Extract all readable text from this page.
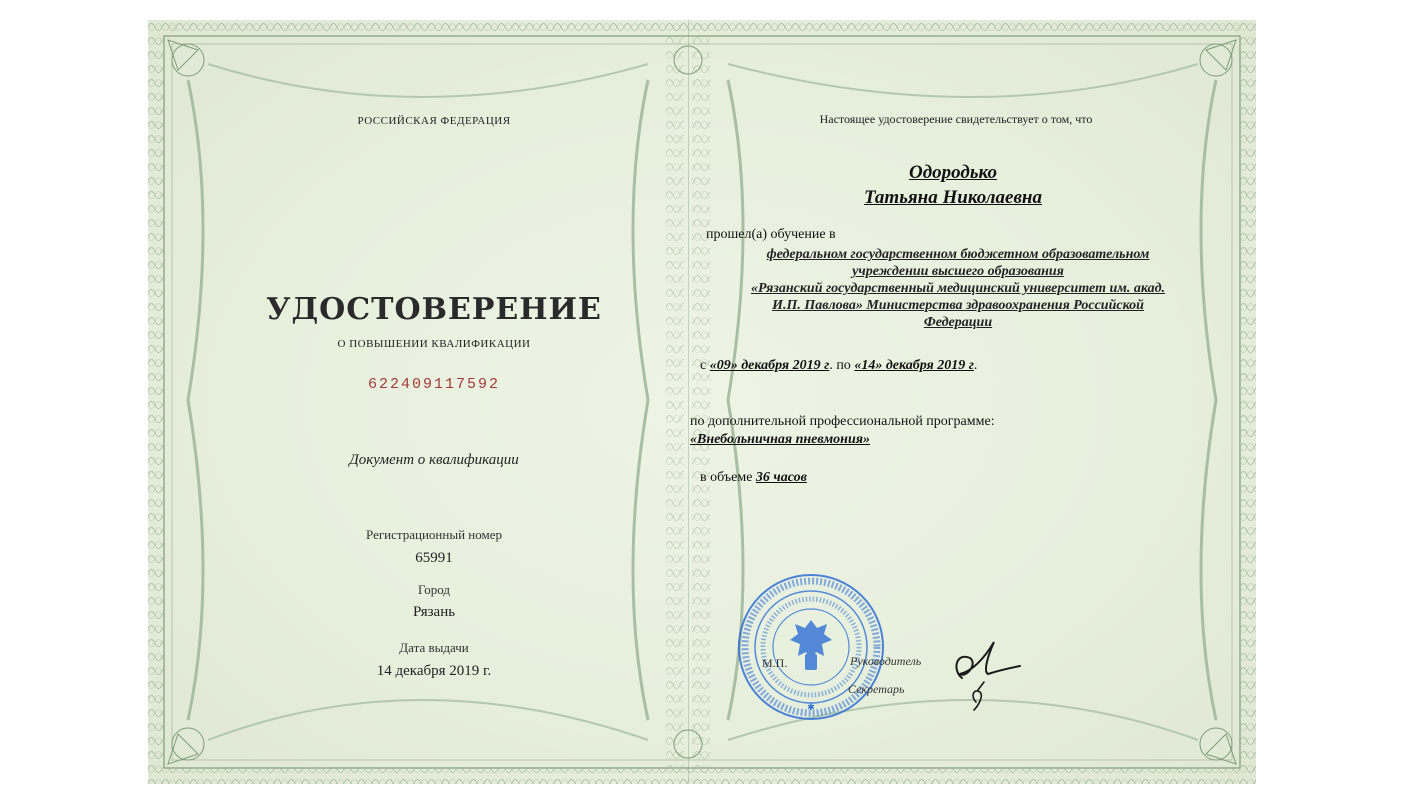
РОССИЙСКАЯ ФЕДЕРАЦИЯ
УДОСТОВЕРЕНИЕ
О ПОВЫШЕНИИ КВАЛИФИКАЦИИ
622409117592
Документ о квалификации
Регистрационный номер
65991
Город
Рязань
Дата выдачи
14 декабря 2019 г.
Настоящее удостоверение свидетельствует о том, что
Одородько
Татьяна Николаевна
прошел(а) обучение в
федеральном государственном бюджетном образовательном
учреждении высшего образования
«Рязанский государственный медицинский университет им. акад.
И.П. Павлова» Министерства здравоохранения Российской
Федерации
с «09» декабря 2019 г. по «14» декабря 2019 г.
по дополнительной профессиональной программе:
«Внебольничная пневмония»
в объеме 36 часов
✱
М.П.	Руководитель
Секретарь
